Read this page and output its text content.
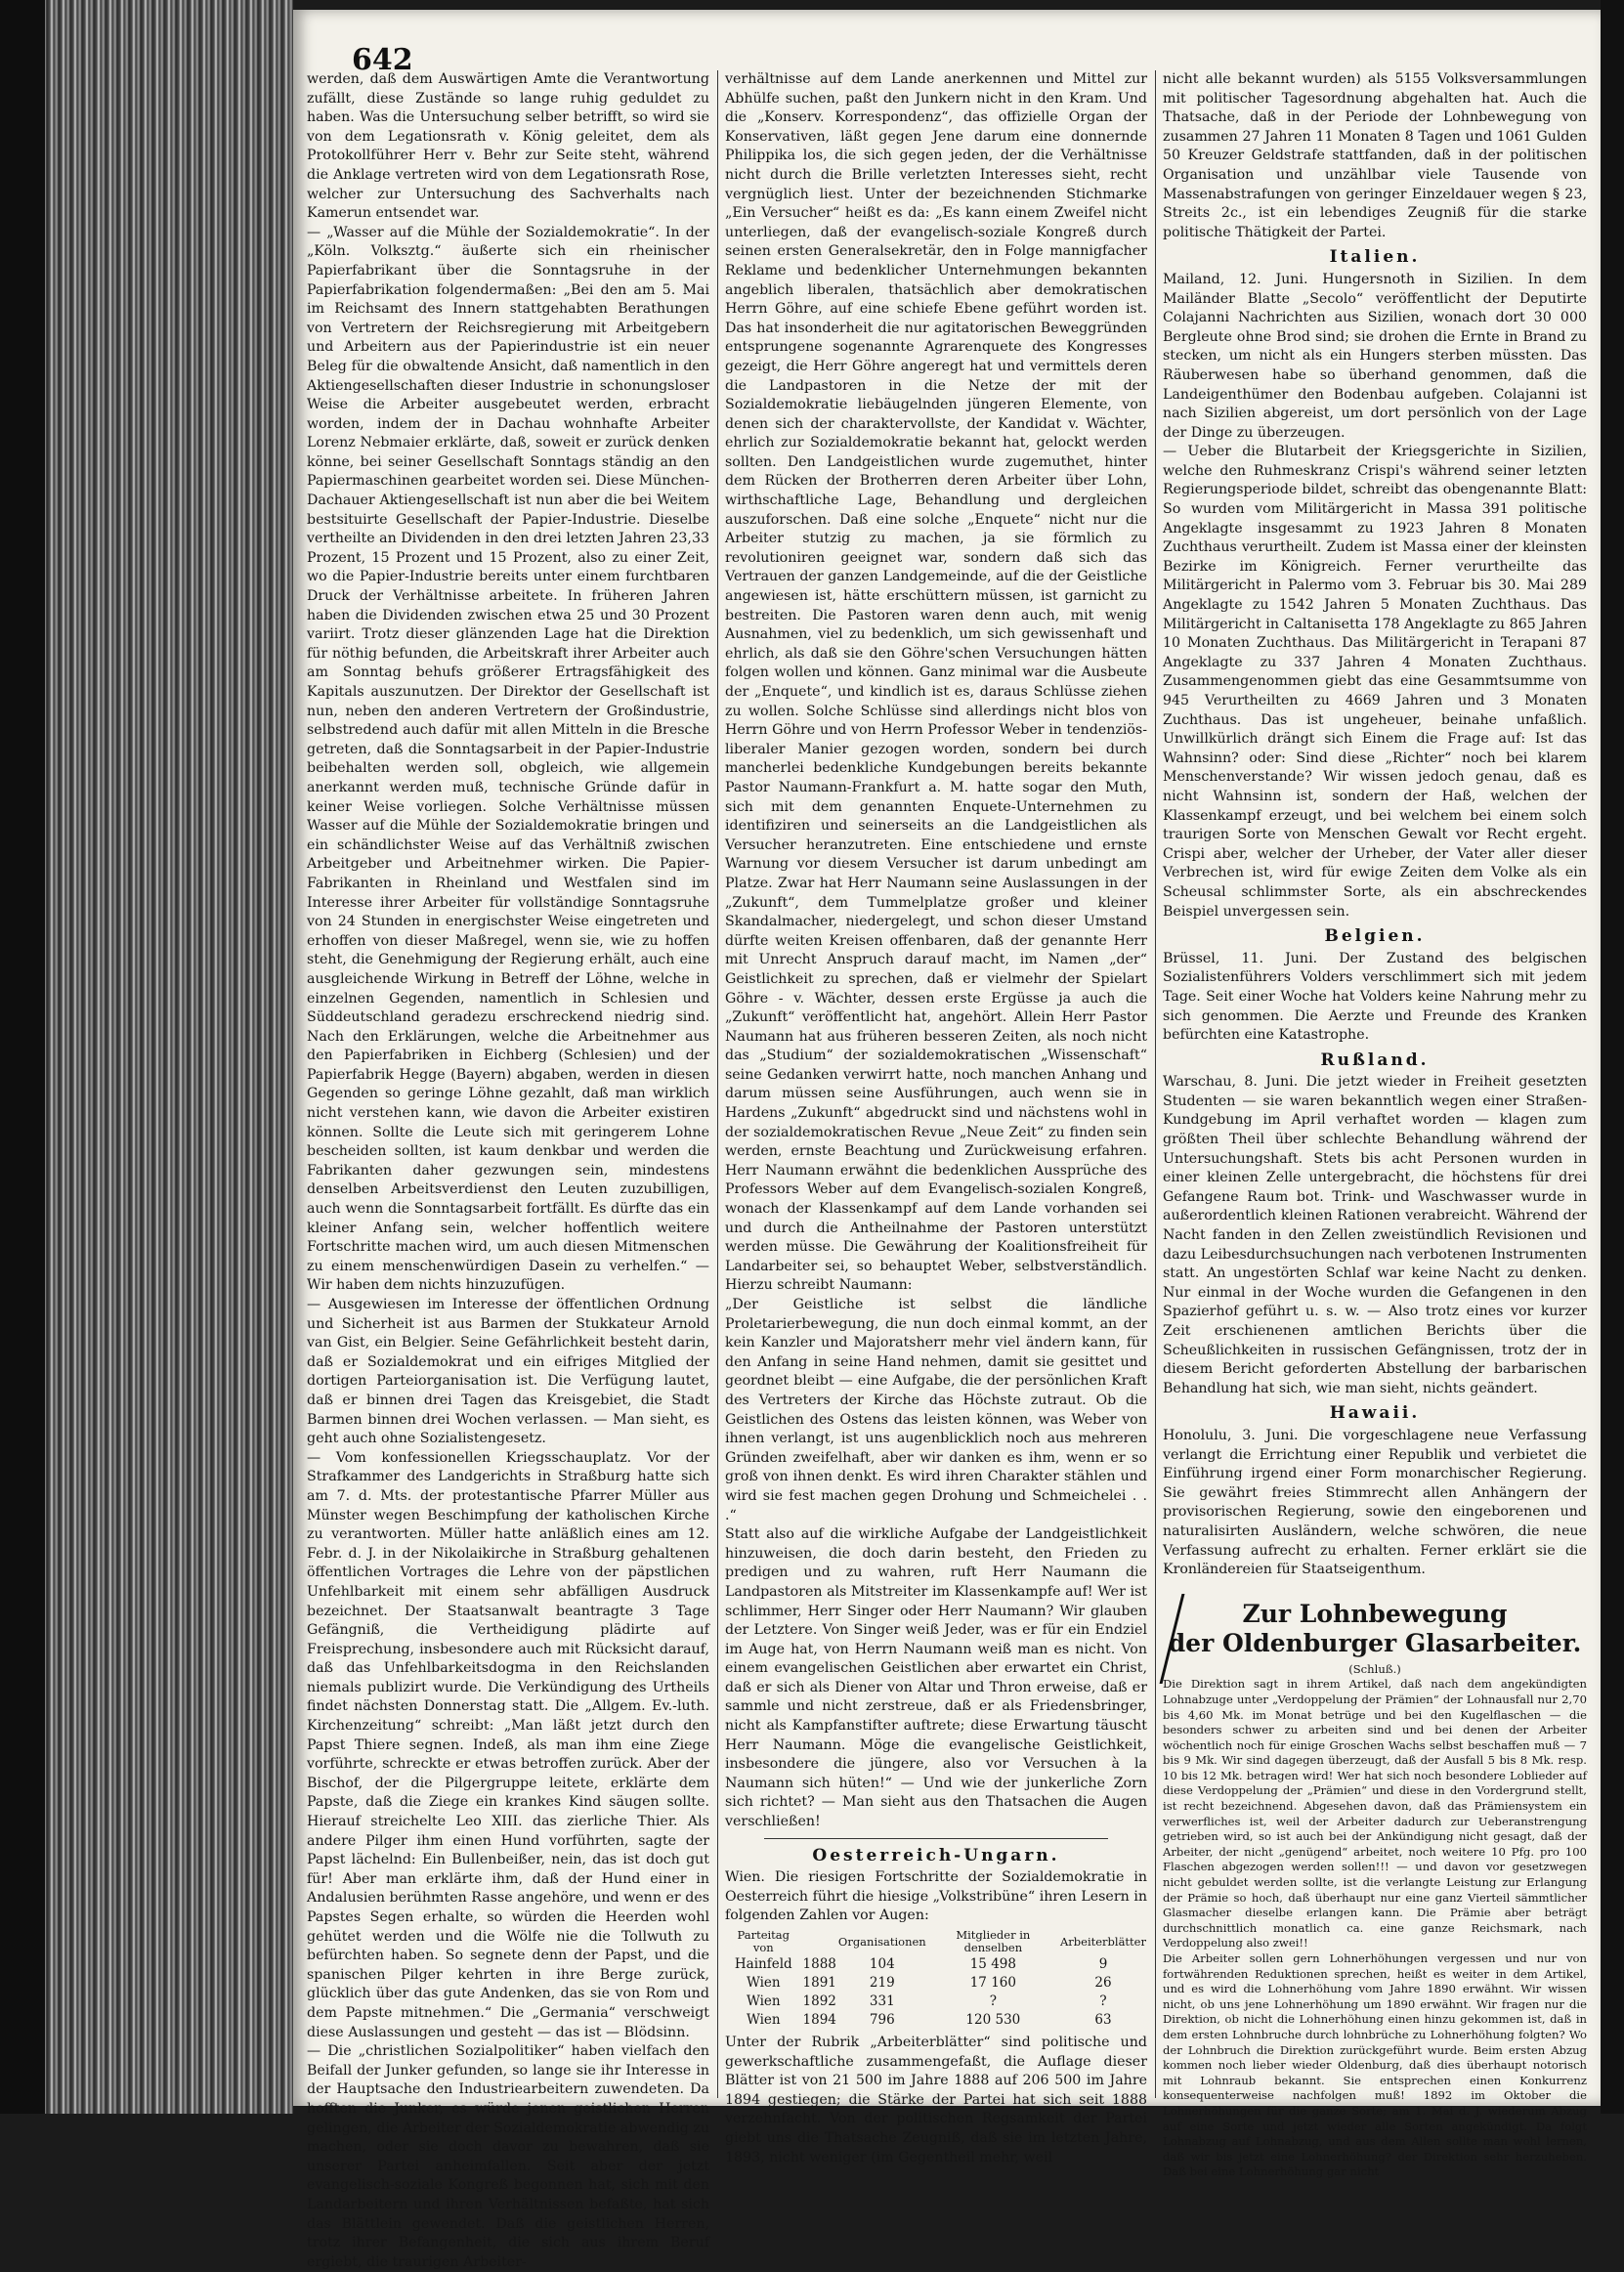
642

werden, daß dem Auswärtigen Amte die Verantwortung zufällt, diese Zustände so lange ruhig geduldet zu haben. Was die Untersuchung selber betrifft, so wird sie von dem Legationsrath v. König geleitet, dem als Protokollführer Herr v. Behr zur Seite steht, während die Anklage vertreten wird von dem Legationsrath Rose, welcher zur Untersuchung des Sachverhalts nach Kamerun entsendet war.

— „Wasser auf die Mühle der Sozialdemokratie“. In der „Köln. Volksztg.“ äußerte sich ein rheinischer Papierfabrikant über die Sonntagsruhe in der Papierfabrikation folgendermaßen: „Bei den am 5. Mai im Reichsamt des Innern stattgehabten Berathungen von Vertretern der Reichsregierung mit Arbeitgebern und Arbeitern aus der Papierindustrie ist ein neuer Beleg für die obwaltende Ansicht, daß namentlich in den Aktiengesellschaften dieser Industrie in schonungsloser Weise die Arbeiter ausgebeutet werden, erbracht worden, indem der in Dachau wohnhafte Arbeiter Lorenz Nebmaier erklärte, daß, soweit er zurück denken könne, bei seiner Gesellschaft Sonntags ständig an den Papiermaschinen gearbeitet worden sei. Diese München-Dachauer Aktiengesellschaft ist nun aber die bei Weitem bestsituirte Gesellschaft der Papier-Industrie. Dieselbe vertheilte an Dividenden in den drei letzten Jahren 23,33 Prozent, 15 Prozent und 15 Prozent, also zu einer Zeit, wo die Papier-Industrie bereits unter einem furchtbaren Druck der Verhältnisse arbeitete. In früheren Jahren haben die Dividenden zwischen etwa 25 und 30 Prozent variirt. Trotz dieser glänzenden Lage hat die Direktion für nöthig befunden, die Arbeitskraft ihrer Arbeiter auch am Sonntag behufs größerer Ertragsfähigkeit des Kapitals auszunutzen. Der Direktor der Gesellschaft ist nun, neben den anderen Vertretern der Großindustrie, selbstredend auch dafür mit allen Mitteln in die Bresche getreten, daß die Sonntagsarbeit in der Papier-Industrie beibehalten werden soll, obgleich, wie allgemein anerkannt werden muß, technische Gründe dafür in keiner Weise vorliegen. Solche Verhältnisse müssen Wasser auf die Mühle der Sozialdemokratie bringen und ein schändlichster Weise auf das Verhältniß zwischen Arbeitgeber und Arbeitnehmer wirken. Die Papier-Fabrikanten in Rheinland und Westfalen sind im Interesse ihrer Arbeiter für vollständige Sonntagsruhe von 24 Stunden in energischster Weise eingetreten und erhoffen von dieser Maßregel, wenn sie, wie zu hoffen steht, die Genehmigung der Regierung erhält, auch eine ausgleichende Wirkung in Betreff der Löhne, welche in einzelnen Gegenden, namentlich in Schlesien und Süddeutschland geradezu erschreckend niedrig sind. Nach den Erklärungen, welche die Arbeitnehmer aus den Papierfabriken in Eichberg (Schlesien) und der Papierfabrik Hegge (Bayern) abgaben, werden in diesen Gegenden so geringe Löhne gezahlt, daß man wirklich nicht verstehen kann, wie davon die Arbeiter existiren können. Sollte die Leute sich mit geringerem Lohne bescheiden sollten, ist kaum denkbar und werden die Fabrikanten daher gezwungen sein, mindestens denselben Arbeitsverdienst den Leuten zuzubilligen, auch wenn die Sonntagsarbeit fortfällt. Es dürfte das ein kleiner Anfang sein, welcher hoffentlich weitere Fortschritte machen wird, um auch diesen Mitmenschen zu einem menschenwürdigen Dasein zu verhelfen.“ — Wir haben dem nichts hinzuzufügen.

— Ausgewiesen im Interesse der öffentlichen Ordnung und Sicherheit ist aus Barmen der Stukkateur Arnold van Gist, ein Belgier. Seine Gefährlichkeit besteht darin, daß er Sozialdemokrat und ein eifriges Mitglied der dortigen Parteiorganisation ist. Die Verfügung lautet, daß er binnen drei Tagen das Kreisgebiet, die Stadt Barmen binnen drei Wochen verlassen. — Man sieht, es geht auch ohne Sozialistengesetz.

— Vom konfessionellen Kriegsschauplatz. Vor der Strafkammer des Landgerichts in Straßburg hatte sich am 7. d. Mts. der protestantische Pfarrer Müller aus Münster wegen Beschimpfung der katholischen Kirche zu verantworten. Müller hatte anläßlich eines am 12. Febr. d. J. in der Nikolaikirche in Straßburg gehaltenen öffentlichen Vortrages die Lehre von der päpstlichen Unfehlbarkeit mit einem sehr abfälligen Ausdruck bezeichnet. Der Staatsanwalt beantragte 3 Tage Gefängniß, die Vertheidigung plädirte auf Freisprechung, insbesondere auch mit Rücksicht darauf, daß das Unfehlbarkeitsdogma in den Reichslanden niemals publizirt wurde. Die Verkündigung des Urtheils findet nächsten Donnerstag statt. Die „Allgem. Ev.-luth. Kirchenzeitung“ schreibt: „Man läßt jetzt durch den Papst Thiere segnen. Indeß, als man ihm eine Ziege vorführte, schreckte er etwas betroffen zurück. Aber der Bischof, der die Pilgergruppe leitete, erklärte dem Papste, daß die Ziege ein krankes Kind säugen sollte. Hierauf streichelte Leo XIII. das zierliche Thier. Als andere Pilger ihm einen Hund vorführten, sagte der Papst lächelnd: Ein Bullenbeißer, nein, das ist doch gut für! Aber man erklärte ihm, daß der Hund einer in Andalusien berühmten Rasse angehöre, und wenn er des Papstes Segen erhalte, so würden die Heerden wohl gehütet werden und die Wölfe nie die Tollwuth zu befürchten haben. So segnete denn der Papst, und die spanischen Pilger kehrten in ihre Berge zurück, glücklich über das gute Andenken, das sie von Rom und dem Papste mitnehmen.“ Die „Germania“ verschweigt diese Auslassungen und gesteht — das ist — Blödsinn.

— Die „christlichen Sozialpolitiker“ haben vielfach den Beifall der Junker gefunden, so lange sie ihr Interesse in der Hauptsache den Industriearbeitern zuwendeten. Da hofften die Junker, es würde jenen geistlichen Herren gelingen, die Arbeiter der Sozialdemokratie abwendig zu machen, oder sie doch davor zu bewahren, daß sie unserer Partei anheimfallen. Seit aber der jetzt evangelisch-soziale Kongreß begonnen hat, sich mit den Landarbeitern und ihren Verhältnissen befaßte, hat sich das Blättlein gewendet. Daß die geistlichen Herren, trotz ihrer Befangenheit, die sich aus ihrem Beruf ergiebt, die traurigen Arbeiter-

verhältnisse auf dem Lande anerkennen und Mittel zur Abhülfe suchen, paßt den Junkern nicht in den Kram. Und die „Konserv. Korrespondenz“, das offizielle Organ der Konservativen, läßt gegen Jene darum eine donnernde Philippika los, die sich gegen jeden, der die Verhältnisse nicht durch die Brille verletzten Interesses sieht, recht vergnüglich liest. Unter der bezeichnenden Stichmarke „Ein Versucher“ heißt es da: „Es kann einem Zweifel nicht unterliegen, daß der evangelisch-soziale Kongreß durch seinen ersten Generalsekretär, den in Folge mannigfacher Reklame und bedenklicher Unternehmungen bekannten angeblich liberalen, thatsächlich aber demokratischen Herrn Göhre, auf eine schiefe Ebene geführt worden ist. Das hat insonderheit die nur agitatorischen Beweggründen entsprungene sogenannte Agrarenquete des Kongresses gezeigt, die Herr Göhre angeregt hat und vermittels deren die Landpastoren in die Netze der mit der Sozialdemokratie liebäugelnden jüngeren Elemente, von denen sich der charaktervollste, der Kandidat v. Wächter, ehrlich zur Sozialdemokratie bekannt hat, gelockt werden sollten. Den Landgeistlichen wurde zugemuthet, hinter dem Rücken der Brotherren deren Arbeiter über Lohn, wirthschaftliche Lage, Behandlung und dergleichen auszuforschen. Daß eine solche „Enquete“ nicht nur die Arbeiter stutzig zu machen, ja sie förmlich zu revolutioniren geeignet war, sondern daß sich das Vertrauen der ganzen Landgemeinde, auf die der Geistliche angewiesen ist, hätte erschüttern müssen, ist garnicht zu bestreiten. Die Pastoren waren denn auch, mit wenig Ausnahmen, viel zu bedenklich, um sich gewissenhaft und ehrlich, als daß sie den Göhre'schen Versuchungen hätten folgen wollen und können. Ganz minimal war die Ausbeute der „Enquete“, und kindlich ist es, daraus Schlüsse ziehen zu wollen. Solche Schlüsse sind allerdings nicht blos von Herrn Göhre und von Herrn Professor Weber in tendenziös-liberaler Manier gezogen worden, sondern bei durch mancherlei bedenkliche Kundgebungen bereits bekannte Pastor Naumann-Frankfurt a. M. hatte sogar den Muth, sich mit dem genannten Enquete-Unternehmen zu identifiziren und seinerseits an die Landgeistlichen als Versucher heranzutreten. Eine entschiedene und ernste Warnung vor diesem Versucher ist darum unbedingt am Platze. Zwar hat Herr Naumann seine Auslassungen in der „Zukunft“, dem Tummelplatze großer und kleiner Skandalmacher, niedergelegt, und schon dieser Umstand dürfte weiten Kreisen offenbaren, daß der genannte Herr mit Unrecht Anspruch darauf macht, im Namen „der“ Geistlichkeit zu sprechen, daß er vielmehr der Spielart Göhre - v. Wächter, dessen erste Ergüsse ja auch die „Zukunft“ veröffentlicht hat, angehört. Allein Herr Pastor Naumann hat aus früheren besseren Zeiten, als noch nicht das „Studium“ der sozialdemokratischen „Wissenschaft“ seine Gedanken verwirrt hatte, noch manchen Anhang und darum müssen seine Ausführungen, auch wenn sie in Hardens „Zukunft“ abgedruckt sind und nächstens wohl in der sozialdemokratischen Revue „Neue Zeit“ zu finden sein werden, ernste Beachtung und Zurückweisung erfahren. Herr Naumann erwähnt die bedenklichen Aussprüche des Professors Weber auf dem Evangelisch-sozialen Kongreß, wonach der Klassenkampf auf dem Lande vorhanden sei und durch die Antheilnahme der Pastoren unterstützt werden müsse. Die Gewährung der Koalitionsfreiheit für Landarbeiter sei, so behauptet Weber, selbstverständlich. Hierzu schreibt Naumann:

„Der Geistliche ist selbst die ländliche Proletarierbewegung, die nun doch einmal kommt, an der kein Kanzler und Majoratsherr mehr viel ändern kann, für den Anfang in seine Hand nehmen, damit sie gesittet und geordnet bleibt — eine Aufgabe, die der persönlichen Kraft des Vertreters der Kirche das Höchste zutraut. Ob die Geistlichen des Ostens das leisten können, was Weber von ihnen verlangt, ist uns augenblicklich noch aus mehreren Gründen zweifelhaft, aber wir danken es ihm, wenn er so groß von ihnen denkt. Es wird ihren Charakter stählen und wird sie fest machen gegen Drohung und Schmeichelei . . .“

Statt also auf die wirkliche Aufgabe der Landgeistlichkeit hinzuweisen, die doch darin besteht, den Frieden zu predigen und zu wahren, ruft Herr Naumann die Landpastoren als Mitstreiter im Klassenkampfe auf! Wer ist schlimmer, Herr Singer oder Herr Naumann? Wir glauben der Letztere. Von Singer weiß Jeder, was er für ein Endziel im Auge hat, von Herrn Naumann weiß man es nicht. Von einem evangelischen Geistlichen aber erwartet ein Christ, daß er sich als Diener von Altar und Thron erweise, daß er sammle und nicht zerstreue, daß er als Friedensbringer, nicht als Kampfanstifter auftrete; diese Erwartung täuscht Herr Naumann. Möge die evangelische Geistlichkeit, insbesondere die jüngere, also vor Versuchen à la Naumann sich hüten!“ — Und wie der junkerliche Zorn sich richtet? — Man sieht aus den Thatsachen die Augen verschließen!

Oesterreich-Ungarn.

Wien. Die riesigen Fortschritte der Sozialdemokratie in Oesterreich führt die hiesige „Volkstribüne“ ihren Lesern in folgenden Zahlen vor Augen:

Parteitag von		Organisationen	Mitglieder in denselben	Arbeiterblätter
Hainfeld	1888	104	15 498	9
Wien	1891	219	17 160	26
Wien	1892	331	?	?
Wien	1894	796	120 530	63

Unter der Rubrik „Arbeiterblätter“ sind politische und gewerkschaftliche zusammengefaßt, die Auflage dieser Blätter ist von 21 500 im Jahre 1888 auf 206 500 im Jahre 1894 gestiegen; die Stärke der Partei hat sich seit 1888 verzehnfacht. Von der politischen Regsamkeit der Partei giebt uns die Thatsache Zeugniß, daß sie im letzten Jahre, 1893, nicht weniger (im Gegentheil mehr, weil

nicht alle bekannt wurden) als 5155 Volksversammlungen mit politischer Tagesordnung abgehalten hat. Auch die Thatsache, daß in der Periode der Lohnbewegung von zusammen 27 Jahren 11 Monaten 8 Tagen und 1061 Gulden 50 Kreuzer Geldstrafe stattfanden, daß in der politischen Organisation und unzählbar viele Tausende von Massenabstrafungen von geringer Einzeldauer wegen § 23, Streits 2c., ist ein lebendiges Zeugniß für die starke politische Thätigkeit der Partei.

Italien.

Mailand, 12. Juni. Hungersnoth in Sizilien. In dem Mailänder Blatte „Secolo“ veröffentlicht der Deputirte Colajanni Nachrichten aus Sizilien, wonach dort 30 000 Bergleute ohne Brod sind; sie drohen die Ernte in Brand zu stecken, um nicht als ein Hungers sterben müssten. Das Räuberwesen habe so überhand genommen, daß die Landeigenthümer den Bodenbau aufgeben. Colajanni ist nach Sizilien abgereist, um dort persönlich von der Lage der Dinge zu überzeugen.

— Ueber die Blutarbeit der Kriegsgerichte in Sizilien, welche den Ruhmeskranz Crispi's während seiner letzten Regierungsperiode bildet, schreibt das obengenannte Blatt: So wurden vom Militärgericht in Massa 391 politische Angeklagte insgesammt zu 1923 Jahren 8 Monaten Zuchthaus verurtheilt. Zudem ist Massa einer der kleinsten Bezirke im Königreich. Ferner verurtheilte das Militärgericht in Palermo vom 3. Februar bis 30. Mai 289 Angeklagte zu 1542 Jahren 5 Monaten Zuchthaus. Das Militärgericht in Caltanisetta 178 Angeklagte zu 865 Jahren 10 Monaten Zuchthaus. Das Militärgericht in Terapani 87 Angeklagte zu 337 Jahren 4 Monaten Zuchthaus. Zusammengenommen giebt das eine Gesammtsumme von 945 Verurtheilten zu 4669 Jahren und 3 Monaten Zuchthaus. Das ist ungeheuer, beinahe unfaßlich. Unwillkürlich drängt sich Einem die Frage auf: Ist das Wahnsinn? oder: Sind diese „Richter“ noch bei klarem Menschenverstande? Wir wissen jedoch genau, daß es nicht Wahnsinn ist, sondern der Haß, welchen der Klassenkampf erzeugt, und bei welchem bei einem solch traurigen Sorte von Menschen Gewalt vor Recht ergeht. Crispi aber, welcher der Urheber, der Vater aller dieser Verbrechen ist, wird für ewige Zeiten dem Volke als ein Scheusal schlimmster Sorte, als ein abschreckendes Beispiel unvergessen sein.

Belgien.

Brüssel, 11. Juni. Der Zustand des belgischen Sozialistenführers Volders verschlimmert sich mit jedem Tage. Seit einer Woche hat Volders keine Nahrung mehr zu sich genommen. Die Aerzte und Freunde des Kranken befürchten eine Katastrophe.

Rußland.

Warschau, 8. Juni. Die jetzt wieder in Freiheit gesetzten Studenten — sie waren bekanntlich wegen einer Straßen-Kundgebung im April verhaftet worden — klagen zum größten Theil über schlechte Behandlung während der Untersuchungshaft. Stets bis acht Personen wurden in einer kleinen Zelle untergebracht, die höchstens für drei Gefangene Raum bot. Trink- und Waschwasser wurde in außerordentlich kleinen Rationen verabreicht. Während der Nacht fanden in den Zellen zweistündlich Revisionen und dazu Leibesdurchsuchungen nach verbotenen Instrumenten statt. An ungestörten Schlaf war keine Nacht zu denken. Nur einmal in der Woche wurden die Gefangenen in den Spazierhof geführt u. s. w. — Also trotz eines vor kurzer Zeit erschienenen amtlichen Berichts über die Scheußlichkeiten in russischen Gefängnissen, trotz der in diesem Bericht geforderten Abstellung der barbarischen Behandlung hat sich, wie man sieht, nichts geändert.

Hawaii.

Honolulu, 3. Juni. Die vorgeschlagene neue Verfassung verlangt die Errichtung einer Republik und verbietet die Einführung irgend einer Form monarchischer Regierung. Sie gewährt freies Stimmrecht allen Anhängern der provisorischen Regierung, sowie den eingeborenen und naturalisirten Ausländern, welche schwören, die neue Verfassung aufrecht zu erhalten. Ferner erklärt sie die Kronländereien für Staatseigenthum.

Zur Lohnbewegung
der Oldenburger Glasarbeiter.

(Schluß.)

Die Direktion sagt in ihrem Artikel, daß nach dem angekündigten Lohnabzuge unter „Verdoppelung der Prämien“ der Lohnausfall nur 2,70 bis 4,60 Mk. im Monat betrüge und bei den Kugelflaschen — die besonders schwer zu arbeiten sind und bei denen der Arbeiter wöchentlich noch für einige Groschen Wachs selbst beschaffen muß — 7 bis 9 Mk. Wir sind dagegen überzeugt, daß der Ausfall 5 bis 8 Mk. resp. 10 bis 12 Mk. betragen wird! Wer hat sich noch besondere Loblieder auf diese Verdoppelung der „Prämien“ und diese in den Vordergrund stellt, ist recht bezeichnend. Abgesehen davon, daß das Prämiensystem ein verwerfliches ist, weil der Arbeiter dadurch zur Ueberanstrengung getrieben wird, so ist auch bei der Ankündigung nicht gesagt, daß der Arbeiter, der nicht „genügend“ arbeitet, noch weitere 10 Pfg. pro 100 Flaschen abgezogen werden sollen!!! — und davon vor gesetzwegen nicht gebuldet werden sollte, ist die verlangte Leistung zur Erlangung der Prämie so hoch, daß überhaupt nur eine ganz Vierteil sämmtlicher Glasmacher dieselbe erlangen kann. Die Prämie aber beträgt durchschnittlich monatlich ca. eine ganze Reichsmark, nach Verdoppelung also zwei!!

Die Arbeiter sollen gern Lohnerhöhungen vergessen und nur von fortwährenden Reduktionen sprechen, heißt es weiter in dem Artikel, und es wird die Lohnerhöhung vom Jahre 1890 erwähnt. Wir wissen nicht, ob uns jene Lohnerhöhung um 1890 erwähnt. Wir fragen nur die Direktion, ob nicht die Lohnerhöhung einen hinzu gekommen ist, daß in dem ersten Lohnbruche durch lohnbrüche zu Lohnerhöhung folgten? Wo der Lohnbruch die Direktion zurückgeführt wurde. Beim ersten Abzug kommen noch lieber wieder Oldenburg, daß dies überhaupt notorisch mit Lohnraub bekannt. Sie entsprechen einen Konkurrenz konsequenterweise nachfolgen muß! 1892 im Oktober die Lohnerhöhungen für die ganze Sorte; am 1. Mai d. J. wiederum Abzug auf eine Sorte und jetzt wieder alle Sorten angekündigt. Da folgt Lohnabzug auf Lohnabzug, und aus dem Allen sollte man wohl lernen, daß wir bis jetzt eine Lohnerhöhung? der Direktion sehr herzuheben. Daß bei eine Lohnerhöhung gar nicht
